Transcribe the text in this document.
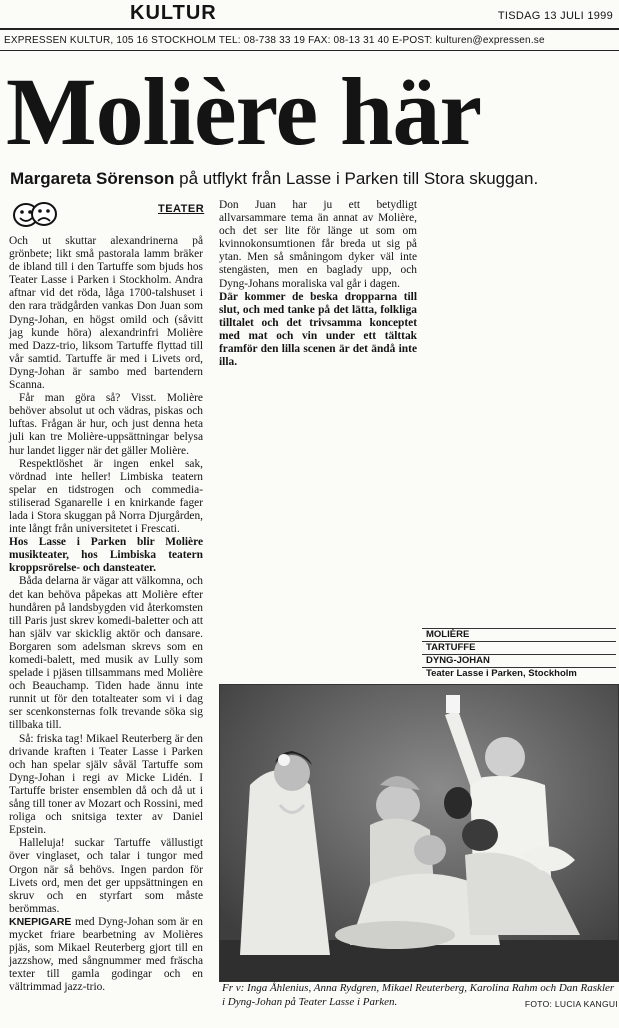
KULTUR	TISDAG 13 JULI 1999
EXPRESSEN KULTUR, 105 16 STOCKHOLM TEL: 08-738 33 19 FAX: 08-13 31 40 E-POST: kulturen@expressen.se
Molière här
Margareta Sörenson på utflykt från Lasse i Parken till Stora skuggan.
TEATER

Och ut skuttar alexandrinerna på grönbete; likt små pastorala lamm bräker de ibland till i den Tartuffe som bjuds hos Teater Lasse i Parken i Stockholm. Andra aftnar vid det röda, låga 1700-talshuset i den rara trädgården vankas Don Juan som Dyng-Johan, en högst omild och (såvitt jag kunde höra) alexandrinfri Molière med Dazz-trio, liksom Tartuffe flyttad till vår samtid. Tartuffe är med i Livets ord, Dyng-Johan är sambo med bartendern Scanna.

Får man göra så? Visst. Molière behöver absolut ut och vädras, piskas och luftas. Frågan är hur, och just denna heta juli kan tre Molière-uppsättningar belysa hur landet ligger när det gäller Molière.

Respektlöshet är ingen enkel sak, vördnad inte heller! Limbiska teatern spelar en tidstrogen och commedia-stiliserad Sganarelle i en knirkande fager lada i Stora skuggan på Norra Djurgården, inte långt från universitetet i Frescati.

Hos Lasse i Parken blir Molière musikteater, hos Limbiska teatern kroppsrörelse- och dansteater.

Båda delarna är vägar att välkomna, och det kan behöva påpekas att Molière efter hundåren på landsbygden vid återkomsten till Paris just skrev komedi-baletter och att han själv var skicklig aktör och dansare. Borgaren som adelsman skrevs som en komedi-balett, med musik av Lully som spelade i pjäsen tillsammans med Molière och Beauchamp. Tiden hade ännu inte runnit ut för den totalteater som vi i dag ser scenkonsternas folk trevande söka sig tillbaka till.

Så: friska tag! Mikael Reuterberg är den drivande kraften i Teater Lasse i Parken och han spelar själv såväl Tartuffe som Dyng-Johan i regi av Micke Lidén. I Tartuffe brister ensemblen då och då ut i sång till toner av Mozart och Rossini, med roliga och snitsiga texter av Daniel Epstein.

Halleluja! suckar Tartuffe vällustigt över vinglaset, och talar i tungor med Orgon när så behövs. Ingen pardon för Livets ord, men det ger uppsättningen en skruv och en styrfart som måste berömmas.

KNEPIGARE med Dyng-Johan som är en mycket friare bearbetning av Molières pjäs, som Mikael Reuterberg gjort till en jazzshow, med sångnummer med fräscha texter till gamla godingar och en vältrimmad jazz-trio.

Don Juan har ju ett betydligt allvarsammare tema än annat av Molière, och det ser lite för länge ut som om kvinnokonsumtionen får breda ut sig på ytan. Men så småningom dyker väl inte stengästen, men en bagladу upp, och Dyng-Johans moraliska val går i dagen.

Där kommer de beska dropparna till slut, och med tanke på det lätta, folkliga tilltalet och det trivsamma konceptet med mat och vin under ett tälttak framför den lilla scenen är det ändå inte illa.

MOLIÈRE
TARTUFFE
DYNG-JOHAN
Teater Lasse i Parken, Stockholm
Fr v: Inga Åhlenius, Anna Rydgren, Mikael Reuterberg, Karolina Rahm och Dan Raskler i Dyng-Johan på Teater Lasse i Parken.	FOTO: LUCIA KANGUI
